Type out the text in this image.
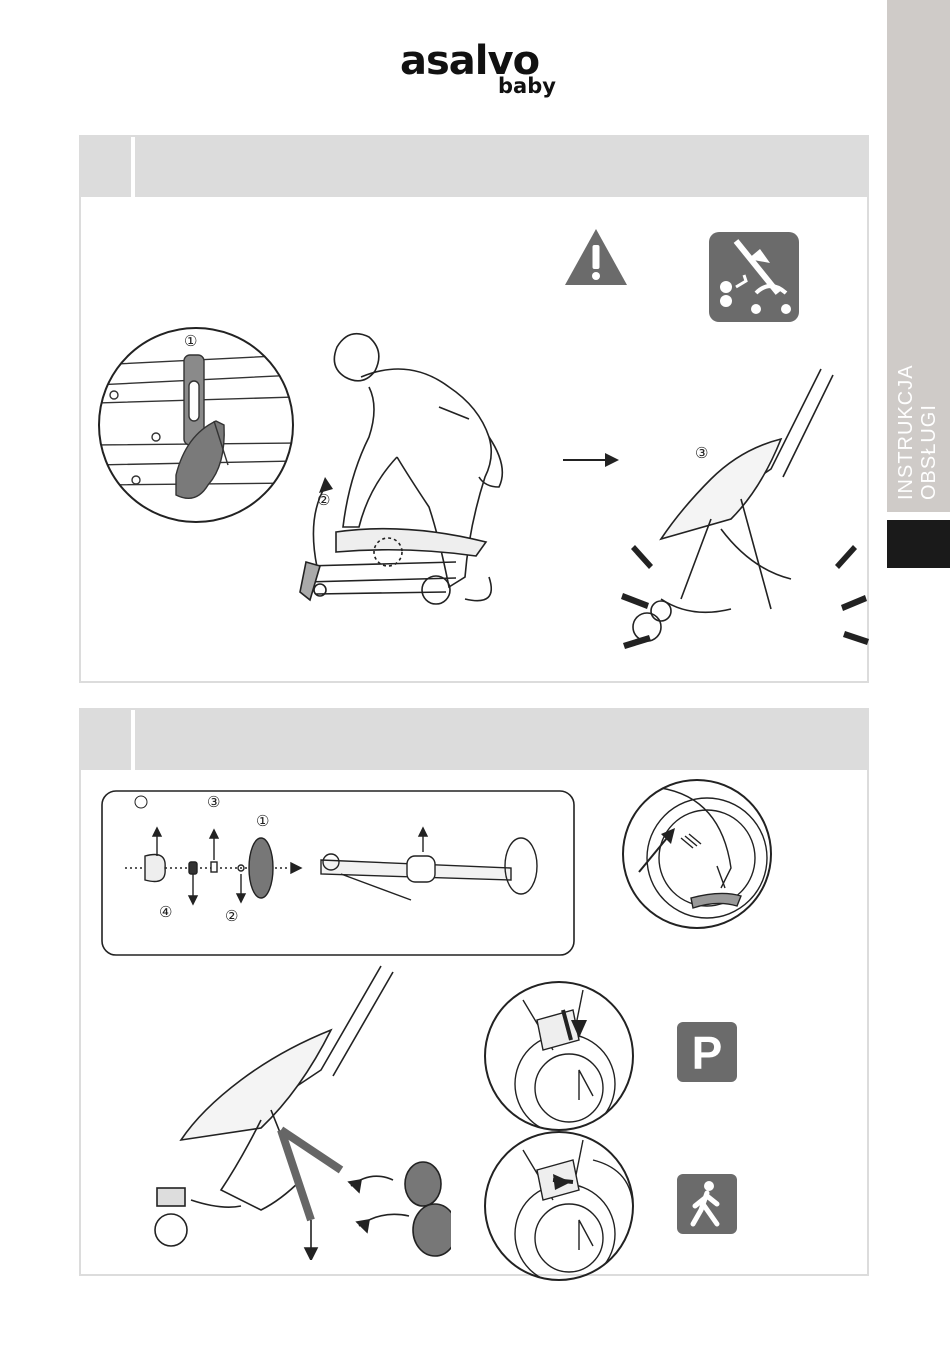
asalvo
baby
INSTRUKCJA OBSŁUGI
①
②
③
③
①
④	②
P
